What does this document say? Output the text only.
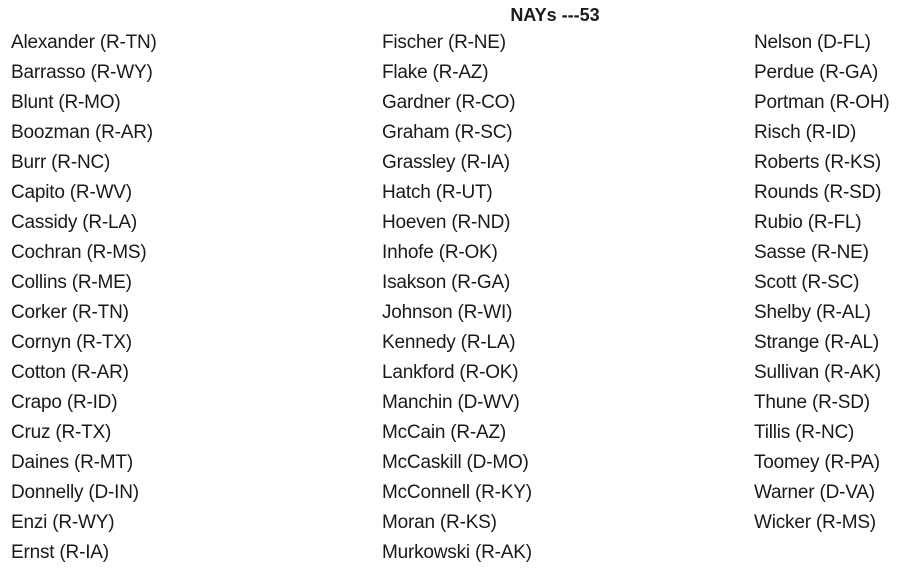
NAYs ---53
Alexander (R-TN)
Barrasso (R-WY)
Blunt (R-MO)
Boozman (R-AR)
Burr (R-NC)
Capito (R-WV)
Cassidy (R-LA)
Cochran (R-MS)
Collins (R-ME)
Corker (R-TN)
Cornyn (R-TX)
Cotton (R-AR)
Crapo (R-ID)
Cruz (R-TX)
Daines (R-MT)
Donnelly (D-IN)
Enzi (R-WY)
Ernst (R-IA)
Fischer (R-NE)
Flake (R-AZ)
Gardner (R-CO)
Graham (R-SC)
Grassley (R-IA)
Hatch (R-UT)
Hoeven (R-ND)
Inhofe (R-OK)
Isakson (R-GA)
Johnson (R-WI)
Kennedy (R-LA)
Lankford (R-OK)
Manchin (D-WV)
McCain (R-AZ)
McCaskill (D-MO)
McConnell (R-KY)
Moran (R-KS)
Murkowski (R-AK)
Nelson (D-FL)
Perdue (R-GA)
Portman (R-OH)
Risch (R-ID)
Roberts (R-KS)
Rounds (R-SD)
Rubio (R-FL)
Sasse (R-NE)
Scott (R-SC)
Shelby (R-AL)
Strange (R-AL)
Sullivan (R-AK)
Thune (R-SD)
Tillis (R-NC)
Toomey (R-PA)
Warner (D-VA)
Wicker (R-MS)
